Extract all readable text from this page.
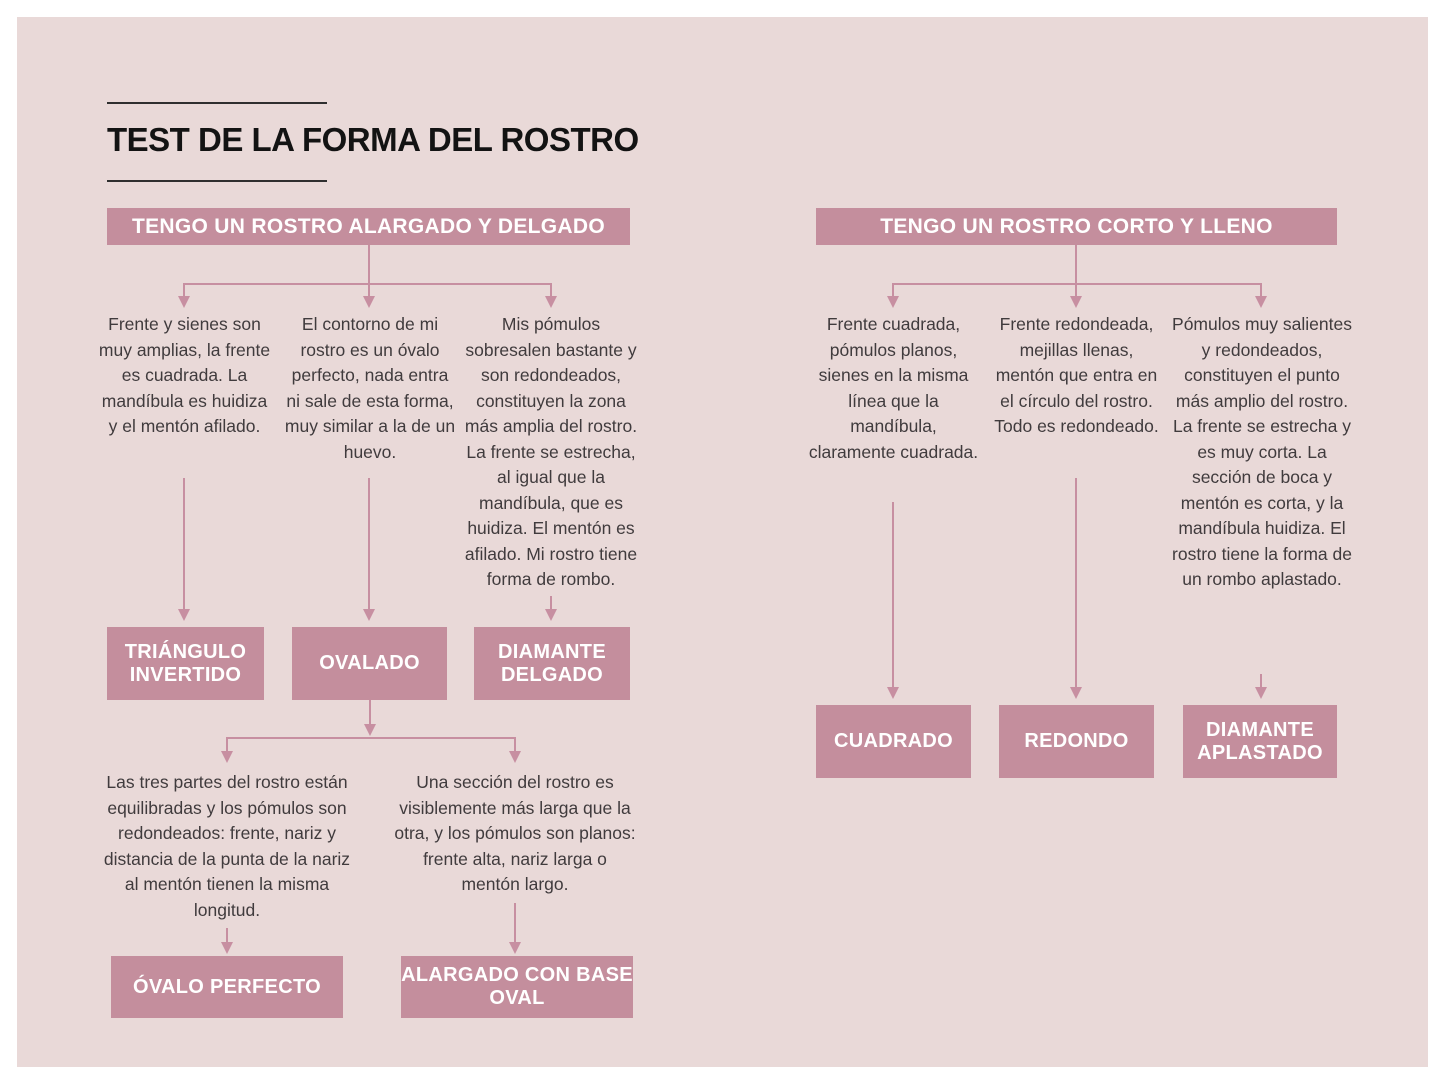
TEST DE LA FORMA DEL ROSTRO
TENGO UN ROSTRO ALARGADO Y DELGADO
Frente y sienes son muy amplias, la frente es cuadrada. La mandíbula es huidiza y el mentón afilado.
El contorno de mi rostro es un óvalo perfecto, nada entra ni sale de esta forma, muy similar a la de un huevo.
Mis pómulos sobresalen bastante y son redondeados, constituyen la zona más amplia del rostro. La frente se estrecha, al igual que la mandíbula, que es huidiza. El mentón es afilado. Mi rostro tiene forma de rombo.
TRIÁNGULO INVERTIDO
OVALADO
DIAMANTE DELGADO
Las tres partes del rostro están equilibradas y los pómulos son redondeados: frente, nariz y distancia de la punta de la nariz al mentón tienen la misma longitud.
Una sección del rostro es visiblemente más larga que la otra, y los pómulos son planos: frente alta, nariz larga o mentón largo.
ÓVALO PERFECTO
ALARGADO CON BASE OVAL
TENGO UN ROSTRO CORTO Y LLENO
Frente cuadrada, pómulos planos, sienes en la misma línea que la mandíbula, claramente cuadrada.
Frente redondeada, mejillas llenas, mentón que entra en el círculo del rostro. Todo es redondeado.
Pómulos muy salientes y redondeados, constituyen el punto más amplio del rostro. La frente se estrecha y es muy corta. La sección de boca y mentón es corta, y la mandíbula huidiza. El rostro tiene la forma de un rombo aplastado.
CUADRADO	REDONDO
DIAMANTE APLASTADO
